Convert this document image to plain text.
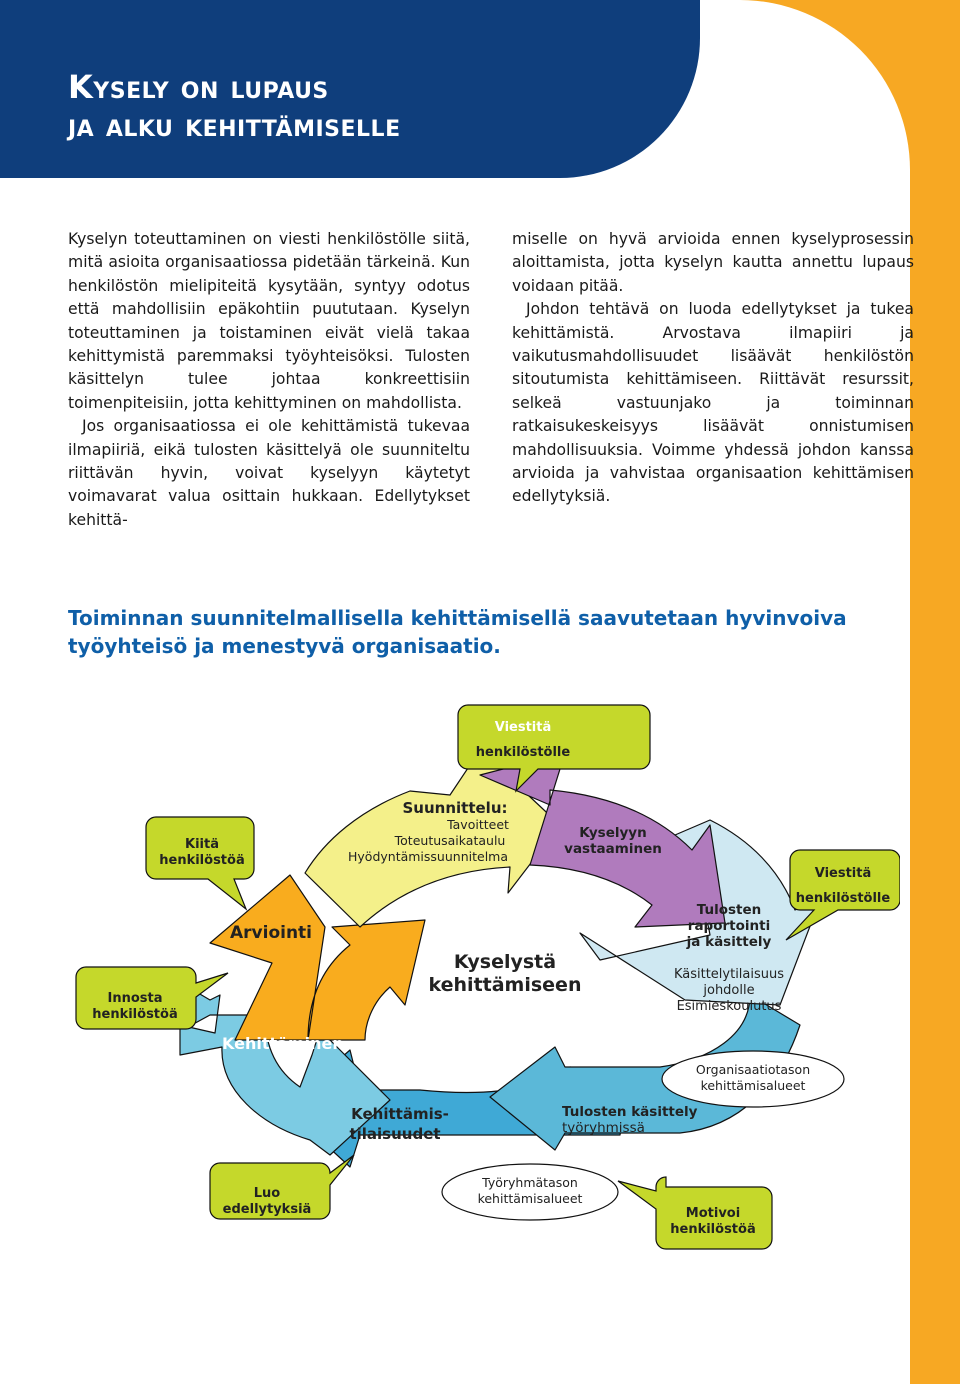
Kysely on lupaus
ja alku kehittämiselle

Kyselyn toteuttaminen on viesti henkilöstölle siitä, mitä asioita organisaatiossa pidetään tärkeinä. Kun henkilöstön mielipiteitä kysytään, syntyy odotus että mahdollisiin epäkohtiin puututaan. Kyselyn toteuttaminen ja toistaminen eivät vielä takaa kehittymistä paremmaksi työyhteisöksi. Tulosten käsittelyn tulee johtaa konkreettisiin toimenpiteisiin, jotta kehittyminen on mahdollista.

Jos organisaatiossa ei ole kehittämistä tukevaa ilmapiiriä, eikä tulosten käsittelyä ole suunniteltu riittävän hyvin, voivat kyselyyn käytetyt voimavarat valua osittain hukkaan. Edellytykset kehittä-

miselle on hyvä arvioida ennen kyselyprosessin aloittamista, jotta kyselyn kautta annettu lupaus voidaan pitää.

Johdon tehtävä on luoda edellytykset ja tukea kehittämistä. Arvostava ilmapiiri ja vaikutusmahdollisuudet lisäävät henkilöstön sitoutumista kehittämiseen. Riittävät resurssit, selkeä vastuunjako ja toiminnan ratkaisukeskeisyys lisäävät onnistumisen mahdollisuuksia. Voimme yhdessä johdon kanssa arvioida ja vahvistaa organisaation kehittämisen edellytyksiä.

Toiminnan suunnitelmallisella kehittämisellä saavutetaan hyvinvoiva työyhteisö ja menestyvä organisaatio.

Kyselystä
kehittämiseen
Suunnittelu:
Tavoitteet
Toteutusaikataulu
Hyödyntämissuunnitelma
Kyselyyn
vastaaminen
Tulosten
raportointi
ja käsittely
Käsittelytilaisuus
johdolle
Esimieskoulutus
Kehittämis-
tilaisuudet
Viestitä
henkilöstölle
Kiitä
henkilöstöä
Innosta
henkilöstöä
Luo
edellytyksiä
Viestitä
henkilöstölle
Motivoi
henkilöstöä
Organisaatiotason
kehittämisalueet
Työryhmätason
kehittämisalueet
Arviointi
Kehittäminen
Tulosten käsittely
työryhmissä
